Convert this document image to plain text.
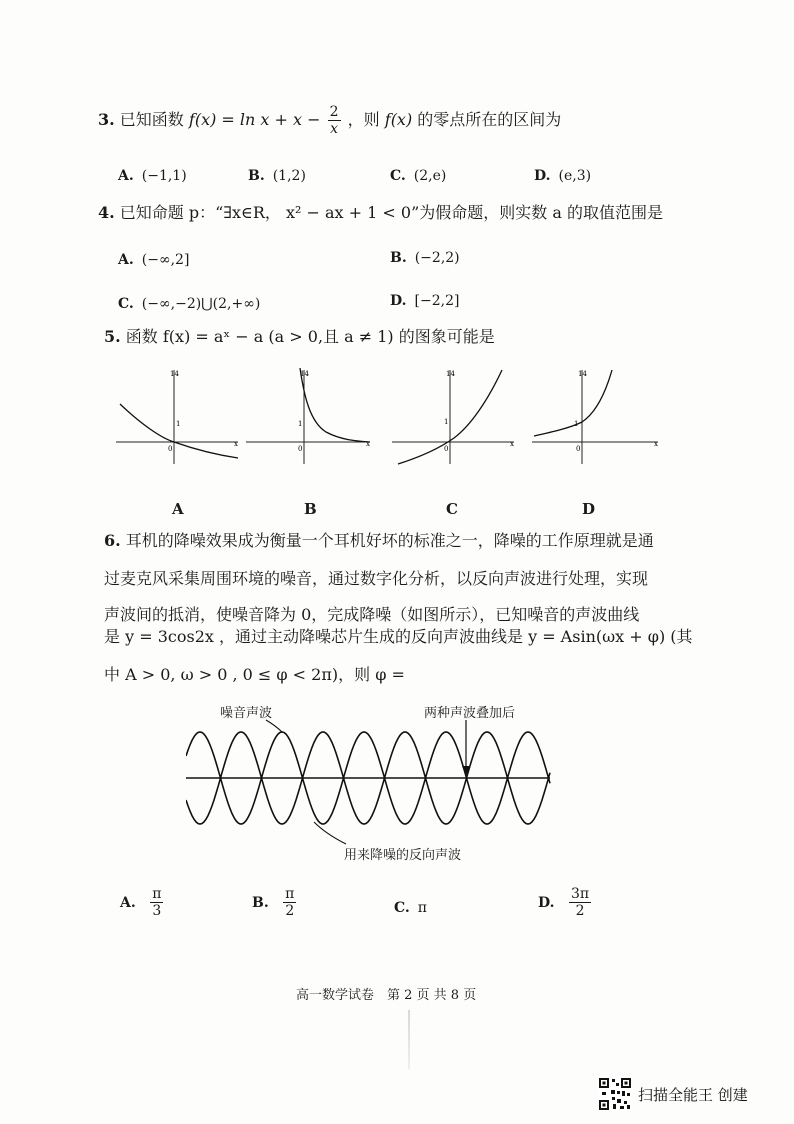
3. 已知函数 $f(x) = \ln x + x - \frac{2}{x}$ ，则 f(x) 的零点所在的区间为
A. (−1,1)	B. (1,2)	C. (2,e)	D. (e,3)
4. 已知命题 p：“∃x∈R， x² − ax + 1 < 0”为假命题，则实数 a 的取值范围是
A. (−∞,2]	B. (−2,2)
C. (−∞,−2)⋃(2,+∞)	D. [−2,2]
5. 函数 f(x) = aˣ − a (a > 0,且 a ≠ 1) 的图象可能是
14
1
0
x
A
14
1
0
x
B
14
1
0
x
C
14
1
0
x
D
6. 耳机的降噪效果成为衡量一个耳机好坏的标准之一，降噪的工作原理就是通
过麦克风采集周围环境的噪音，通过数字化分析，以反向声波进行处理，实现
声波间的抵消，使噪音降为 0，完成降噪（如图所示），已知噪音的声波曲线
是 y = 3cos2x ，通过主动降噪芯片生成的反向声波曲线是 y = Asin(ωx + φ) (其
中 A > 0, ω > 0 , 0 ≤ φ < 2π)，则 φ =
噪音声波	两种声波叠加后
用来降噪的反向声波
A. $\frac{\pi}{3}$	B. $\frac{\pi}{2}$	C. π	D. $\frac{3\pi}{2}$
高一数学试卷　第 2 页 共 8 页
扫描全能王 创建
